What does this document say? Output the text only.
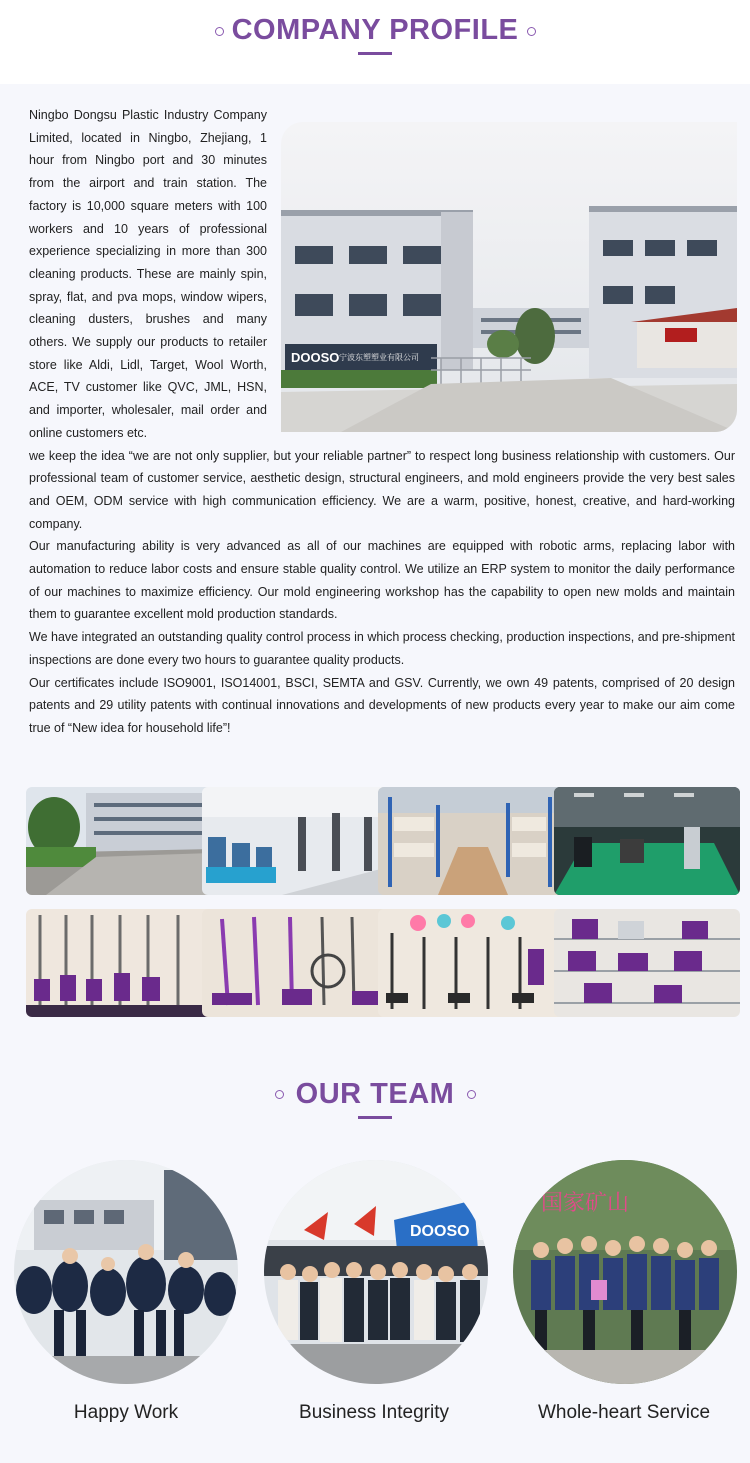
COMPANY PROFILE
DOOSO 宁波东塑塑业有限公司

Ningbo Dongsu Plastic Industry Company Limited, located in Ningbo, Zhejiang, 1 hour from Ningbo port and 30 minutes from the airport and train station. The factory is 10,000 square meters with 100 workers and 10 years of professional experience specializing in more than 300 cleaning products. These are mainly spin, spray, flat, and pva mops, window wipers, cleaning dusters, brushes and many others. We supply our products to retailer store like Aldi, Lidl, Target, Wool Worth, ACE, TV customer like QVC, JML, HSN, and importer, wholesaler, mail order and online customers etc.

we keep the idea “we are not only supplier, but your reliable partner” to respect long business relationship with customers. Our professional team of customer service, aesthetic design, structural engineers, and mold engineers provide the very best sales and OEM, ODM service with high communication efficiency. We are a warm, positive, honest, creative, and hard-working company.

Our manufacturing ability is very advanced as all of our machines are equipped with robotic arms, replacing labor with automation to reduce labor costs and ensure stable quality control. We utilize an ERP system to monitor the daily performance of our machines to maximize efficiency. Our mold engineering workshop has the capability to open new molds and maintain them to guarantee excellent mold production standards.

We have integrated an outstanding quality control process in which process checking, production inspections, and pre-shipment inspections are done every two hours to guarantee quality products.

Our certificates include ISO9001, ISO14001, BSCI, SEMTA and GSV. Currently, we own 49 patents, comprised of 20 design patents and 29 utility patents with continual innovations and developments of new products every year to make our aim come true of “New idea for household life”!

OUR TEAM
DOOSO
国家矿山
Happy Work	Business Integrity	Whole-heart Service
